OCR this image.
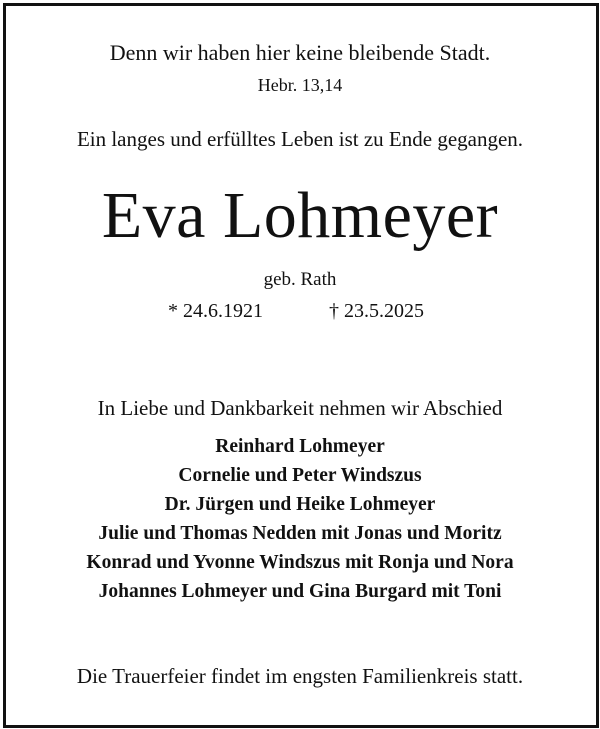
Denn wir haben hier keine bleibende Stadt.
Hebr. 13,14
Ein langes und erfülltes Leben ist zu Ende gegangen.
Eva Lohmeyer
geb. Rath
* 24.6.1921	† 23.5.2025
In Liebe und Dankbarkeit nehmen wir Abschied
Reinhard Lohmeyer
Cornelie und Peter Windszus
Dr. Jürgen und Heike Lohmeyer
Julie und Thomas Nedden mit Jonas und Moritz
Konrad und Yvonne Windszus mit Ronja und Nora
Johannes Lohmeyer und Gina Burgard mit Toni
Die Trauerfeier findet im engsten Familienkreis statt.
